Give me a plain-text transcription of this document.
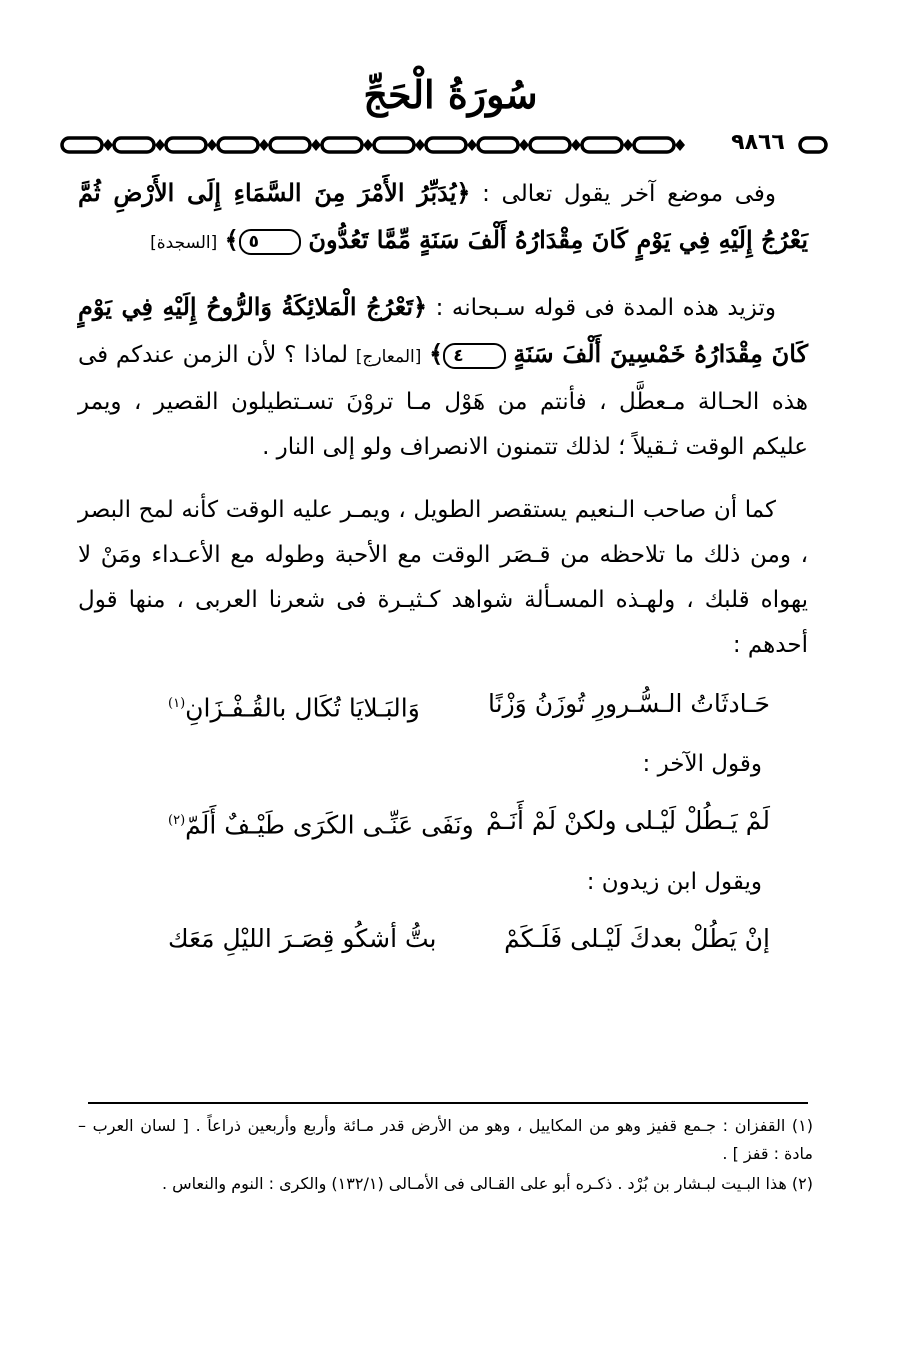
سُورَةُ الْحَجِّ
٩٨٦٦

وفى موضع آخر يقول تعالى : ﴿يُدَبِّرُ الأَمْرَ مِنَ السَّمَاءِ إِلَى الأَرْضِ ثُمَّ يَعْرُجُ إِلَيْهِ فِي يَوْمٍ كَانَ مِقْدَارُهُ أَلْفَ سَنَةٍ مِّمَّا تَعُدُّونَ ٥﴾ [السجدة]

وتزيد هذه المدة فى قوله سـبحانه : ﴿تَعْرُجُ الْمَلائِكَةُ وَالرُّوحُ إِلَيْهِ فِي يَوْمٍ كَانَ مِقْدَارُهُ خَمْسِينَ أَلْفَ سَنَةٍ ٤﴾ [المعارج] لماذا ؟ لأن الزمن عندكم فى هذه الحـالة مـعطَّل ، فأنتم من هَوْل مـا تروْنَ تسـتطيلون القصير ، ويمر عليكم الوقت ثـقيلاً ؛ لذلك تتمنون الانصراف ولو إلى النار .

كما أن صاحب الـنعيم يستقصر الطويل ، ويمـر عليه الوقت كأنه لمح البصر ، ومن ذلك ما تلاحظه من قـصَر الوقت مع الأحبة وطوله مع الأعـداء ومَنْ لا يهواه قلبك ، ولهـذه المسـألة شواهد كـثيـرة فى شعرنا العربى ، منها قول أحدهم :

حَـادثَاتُ الـسُّـرورِ تُوزَنُ وَزْنًا
وَالبَـلايَا تُكَال بالقُـفْـزَانِ$^{(١)}$

وقول الآخر :

لَمْ يَـطُلْ لَيْـلى ولكنْ لَمْ أَنَـمْ
ونَفَى عَنِّـى الكَرَى طَيْـفٌ أَلَمّ$^{(٢)}$

ويقول ابن زيدون :

إنْ يَطُلْ بعدكَ لَيْـلى فَلَـكَمْ
بتُّ أشكُو قِصَـرَ الليْلِ مَعَك

(١) القفزان : جـمع قفيز وهو من المكاييل ، وهو من الأرض قدر مـائة وأربع وأربعين ذراعاً . [ لسان العرب – مادة : قفز ] .

(٢) هذا البـيت لبـشار بن بُرْد . ذكـره أبو على القـالى فى الأمـالى (١٣٢/١) والكرى : النوم والنعاس .
